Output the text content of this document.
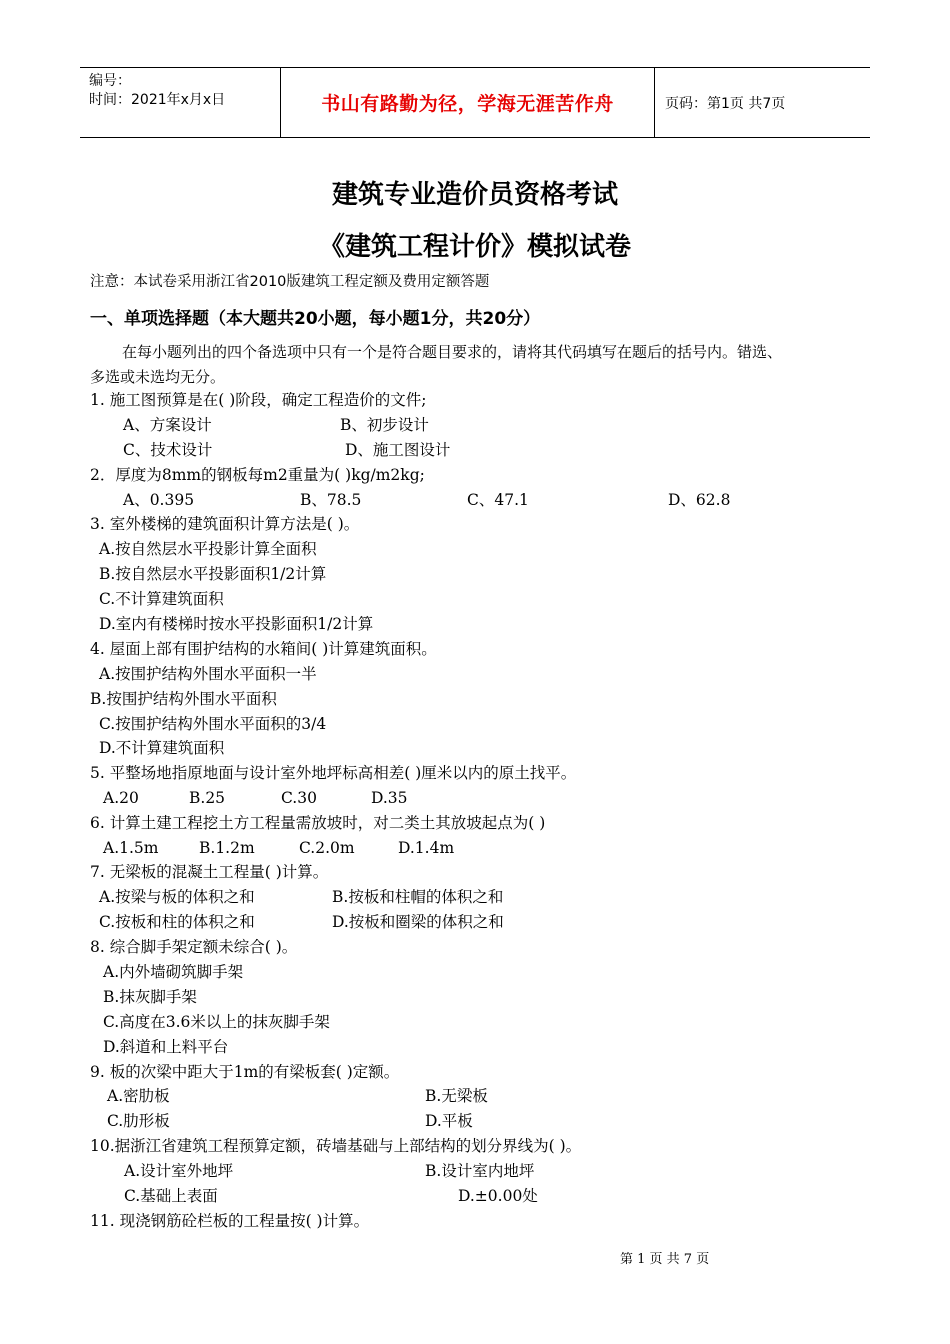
编号：
时间：2021年x月x日	书山有路勤为径，学海无涯苦作舟	页码：第1页 共7页
建筑专业造价员资格考试
《建筑工程计价》模拟试卷
注意：本试卷采用浙江省2010版建筑工程定额及费用定额答题
一、单项选择题（本大题共20小题，每小题1分，共20分）
在每小题列出的四个备选项中只有一个是符合题目要求的，请将其代码填写在题后的括号内。错选、
多选或未选均无分。
1. 施工图预算是在( )阶段，确定工程造价的文件;
A、方案设计	B、初步设计
C、技术设计	D、施工图设计
2．厚度为8mm的钢板每m2重量为( )kg/m2kg;
A、0.395	B、78.5	C、47.1	D、62.8
3. 室外楼梯的建筑面积计算方法是( )。
A.按自然层水平投影计算全面积
B.按自然层水平投影面积1/2计算
C.不计算建筑面积
D.室内有楼梯时按水平投影面积1/2计算
4. 屋面上部有围护结构的水箱间( )计算建筑面积。
A.按围护结构外围水平面积一半
B.按围护结构外围水平面积
C.按围护结构外围水平面积的3/4
D.不计算建筑面积
5. 平整场地指原地面与设计室外地坪标高相差( )厘米以内的原土找平。
A.20	B.25	C.30	D.35
6. 计算土建工程挖土方工程量需放坡时，对二类土其放坡起点为( )
A.1.5m	B.1.2m	C.2.0m	D.1.4m
7. 无梁板的混凝土工程量( )计算。
A.按梁与板的体积之和	B.按板和柱帽的体积之和
C.按板和柱的体积之和	D.按板和圈梁的体积之和
8. 综合脚手架定额未综合( )。
A.内外墙砌筑脚手架
B.抹灰脚手架
C.高度在3.6米以上的抹灰脚手架
D.斜道和上料平台
9. 板的次梁中距大于1m的有梁板套( )定额。
A.密肋板	B.无梁板
C.肋形板	D.平板
10.据浙江省建筑工程预算定额，砖墙基础与上部结构的划分界线为( )。
A.设计室外地坪	B.设计室内地坪
C.基础上表面	D.±0.00处
11. 现浇钢筋砼栏板的工程量按( )计算。
第 1 页 共 7 页
